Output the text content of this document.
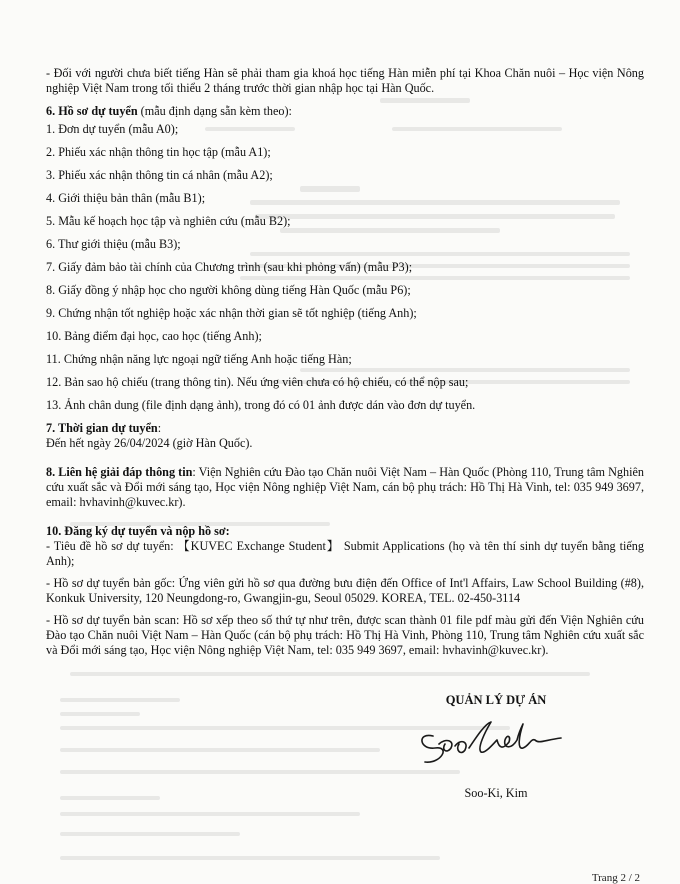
- Đối với người chưa biết tiếng Hàn sẽ phải tham gia khoá học tiếng Hàn miễn phí tại Khoa Chăn nuôi – Học viện Nông nghiệp Việt Nam trong tối thiểu 2 tháng trước thời gian nhập học tại Hàn Quốc.

6. Hồ sơ dự tuyển (mẫu định dạng sẵn kèm theo):

1. Đơn dự tuyển (mẫu A0);

2. Phiếu xác nhận thông tin học tập (mẫu A1);

3. Phiếu xác nhận thông tin cá nhân (mẫu A2);

4. Giới thiệu bản thân (mẫu B1);

5. Mẫu kế hoạch học tập và nghiên cứu (mẫu B2);

6. Thư giới thiệu (mẫu B3);

7. Giấy đảm bảo tài chính của Chương trình (sau khi phỏng vấn) (mẫu P3);

8. Giấy đồng ý nhập học cho người không dùng tiếng Hàn Quốc (mẫu P6);

9. Chứng nhận tốt nghiệp hoặc xác nhận thời gian sẽ tốt nghiệp (tiếng Anh);

10. Bảng điểm đại học, cao học (tiếng Anh);

11. Chứng nhận năng lực ngoại ngữ tiếng Anh hoặc tiếng Hàn;

12. Bản sao hộ chiếu (trang thông tin). Nếu ứng viên chưa có hộ chiếu, có thể nộp sau;

13. Ảnh chân dung (file định dạng ảnh), trong đó có 01 ảnh được dán vào đơn dự tuyển.

7. Thời gian dự tuyển:

Đến hết ngày 26/04/2024 (giờ Hàn Quốc).

8. Liên hệ giải đáp thông tin: Viện Nghiên cứu Đào tạo Chăn nuôi Việt Nam – Hàn Quốc (Phòng 110, Trung tâm Nghiên cứu xuất sắc và Đổi mới sáng tạo, Học viện Nông nghiệp Việt Nam, cán bộ phụ trách: Hồ Thị Hà Vinh, tel: 035 949 3697, email: hvhavinh@kuvec.kr).

10. Đăng ký dự tuyển và nộp hồ sơ:

- Tiêu đề hồ sơ dự tuyển: 【KUVEC Exchange Student】 Submit Applications (họ và tên thí sinh dự tuyển bằng tiếng Anh);

- Hồ sơ dự tuyển bản gốc: Ứng viên gửi hồ sơ qua đường bưu điện đến Office of Int'l Affairs, Law School Building (#8), Konkuk University, 120 Neungdong-ro, Gwangjin-gu, Seoul 05029. KOREA, TEL. 02-450-3114

- Hồ sơ dự tuyển bản scan: Hồ sơ xếp theo số thứ tự như trên, được scan thành 01 file pdf màu gửi đến Viện Nghiên cứu Đào tạo Chăn nuôi Việt Nam – Hàn Quốc (cán bộ phụ trách: Hồ Thị Hà Vinh, Phòng 110, Trung tâm Nghiên cứu xuất sắc và Đổi mới sáng tạo, Học viện Nông nghiệp Việt Nam, tel: 035 949 3697, email: hvhavinh@kuvec.kr).

QUẢN LÝ DỰ ÁN
Soo-Ki, Kim
Trang 2 / 2
